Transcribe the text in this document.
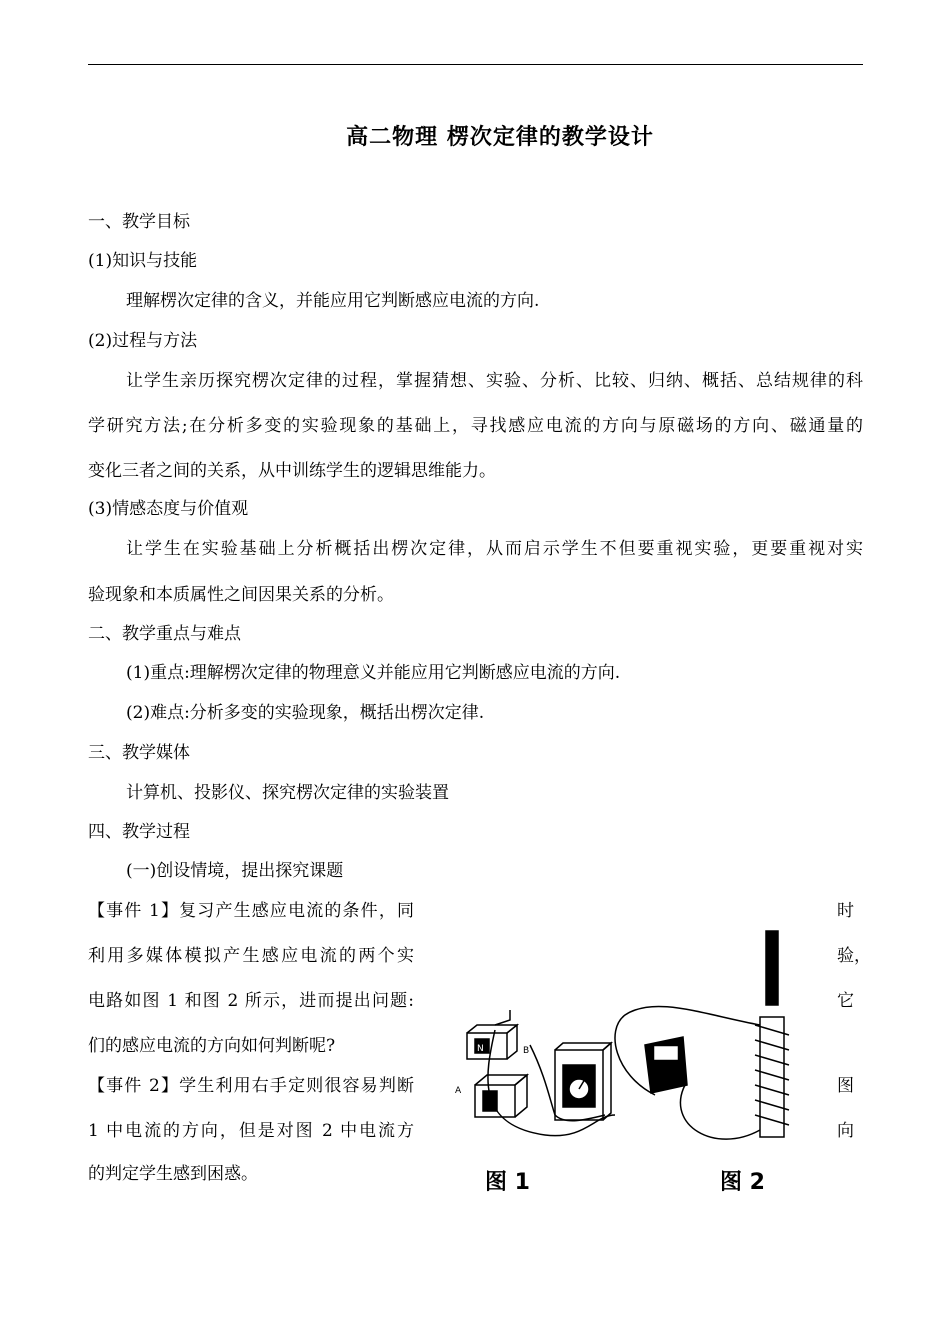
高二物理 楞次定律的教学设计
一、教学目标
(1)知识与技能
理解楞次定律的含义，并能应用它判断感应电流的方向.
(2)过程与方法
让学生亲历探究楞次定律的过程，掌握猜想、实验、分析、比较、归纳、概括、总结规律的科
学研究方法;在分析多变的实验现象的基础上，寻找感应电流的方向与原磁场的方向、磁通量的
变化三者之间的关系，从中训练学生的逻辑思维能力。
(3)情感态度与价值观
让学生在实验基础上分析概括出楞次定律，从而启示学生不但要重视实验，更要重视对实
验现象和本质属性之间因果关系的分析。
二、教学重点与难点
(1)重点:理解楞次定律的物理意义并能应用它判断感应电流的方向.
(2)难点:分析多变的实验现象，概括出楞次定律.
三、教学媒体
计算机、投影仪、探究楞次定律的实验装置
四、教学过程
(一)创设情境，提出探究课题
【事件 1】复习产生感应电流的条件，同	时
利用多媒体模拟产生感应电流的两个实	验，
电路如图 1 和图 2 所示，进而提出问题:	它
们的感应电流的方向如何判断呢?
【事件 2】学生利用右手定则很容易判断	图
1 中电流的方向，但是对图 2 中电流方	向
的判定学生感到困惑。
A
B
S
N
图 1	图 2
